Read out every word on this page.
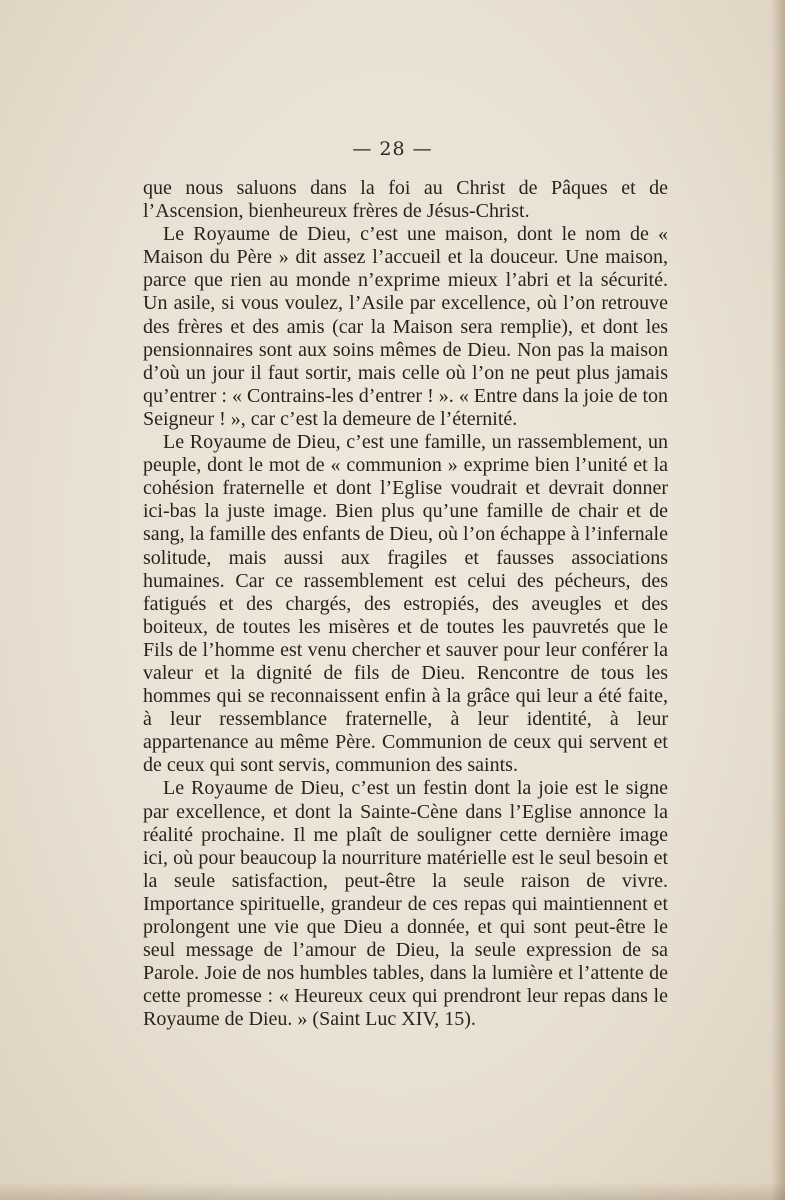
— 28 —

que nous saluons dans la foi au Christ de Pâques et de l’Ascension, bienheureux frères de Jésus-Christ.

Le Royaume de Dieu, c’est une maison, dont le nom de « Maison du Père » dit assez l’accueil et la douceur. Une maison, parce que rien au monde n’exprime mieux l’abri et la sécurité. Un asile, si vous voulez, l’Asile par excellence, où l’on retrouve des frères et des amis (car la Maison sera remplie), et dont les pensionnaires sont aux soins mêmes de Dieu. Non pas la maison d’où un jour il faut sortir, mais celle où l’on ne peut plus jamais qu’entrer : « Contrains-les d’entrer ! ». « Entre dans la joie de ton Seigneur ! », car c’est la demeure de l’éternité.

Le Royaume de Dieu, c’est une famille, un rassemblement, un peuple, dont le mot de « communion » exprime bien l’unité et la cohésion fraternelle et dont l’Eglise voudrait et devrait donner ici-bas la juste image. Bien plus qu’une famille de chair et de sang, la famille des enfants de Dieu, où l’on échappe à l’infernale solitude, mais aussi aux fragiles et fausses associations humaines. Car ce rassemblement est celui des pécheurs, des fatigués et des chargés, des estropiés, des aveugles et des boiteux, de toutes les misères et de toutes les pauvretés que le Fils de l’homme est venu chercher et sauver pour leur conférer la valeur et la dignité de fils de Dieu. Rencontre de tous les hommes qui se reconnaissent enfin à la grâce qui leur a été faite, à leur ressemblance fraternelle, à leur identité, à leur appartenance au même Père. Communion de ceux qui servent et de ceux qui sont servis, communion des saints.

Le Royaume de Dieu, c’est un festin dont la joie est le signe par excellence, et dont la Sainte-Cène dans l’Eglise annonce la réalité prochaine. Il me plaît de souligner cette dernière image ici, où pour beaucoup la nourriture matérielle est le seul besoin et la seule satisfaction, peut-être la seule raison de vivre. Importance spirituelle, grandeur de ces repas qui maintiennent et prolongent une vie que Dieu a donnée, et qui sont peut-être le seul message de l’amour de Dieu, la seule expression de sa Parole. Joie de nos humbles tables, dans la lumière et l’attente de cette promesse : « Heureux ceux qui prendront leur repas dans le Royaume de Dieu. » (Saint Luc XIV, 15).
